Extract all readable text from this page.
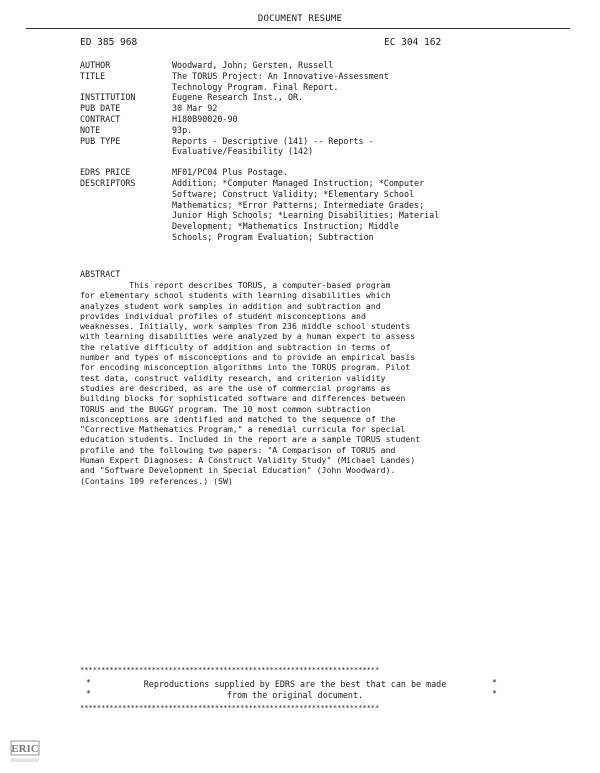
DOCUMENT RESUME
ED 385 968	EC 304 162
AUTHOR	Woodward, John; Gersten, Russell
TITLE	The TORUS Project: An Innovative-Assessment
Technology Program. Final Report.
INSTITUTION	Eugene Research Inst., OR.
PUB DATE	30 Mar 92
CONTRACT	H180B90020-90
NOTE	93p.
PUB TYPE	Reports - Descriptive (141) -- Reports -
Evaluative/Feasibility (142)
EDRS PRICE	MF01/PC04 Plus Postage.
DESCRIPTORS	Addition; *Computer Managed Instruction; *Computer
Software; Construct Validity; *Elementary School
Mathematics; *Error Patterns; Intermediate Grades;
Junior High Schools; *Learning Disabilities; Material
Development; *Mathematics Instruction; Middle
Schools; Program Evaluation; Subtraction
ABSTRACT
This report describes TORUS, a computer-based program
for elementary school students with learning disabilities which
analyzes student work samples in addition and subtraction and
provides individual profiles of student misconceptions and
weaknesses. Initially, work samples from 236 middle school students
with learning disabilities were analyzed by a human expert to assess
the relative difficulty of addition and subtraction in terms of
number and types of misconceptions and to provide an empirical basis
for encoding misconception algorithms into the TORUS program. Pilot
test data, construct validity research, and criterion validity
studies are described, as are the use of commercial programs as
building blocks for sophisticated software and differences between
TORUS and the BUGGY program. The 10 most common subtraction
misconceptions are identified and matched to the sequence of the
"Corrective Mathematics Program," a remedial curricula for special
education students. Included in the report are a sample TORUS student
profile and the following two papers: "A Comparison of TORUS and
Human Expert Diagnoses: A Construct Validity Study" (Michael Landes)
and "Software Development in Special Education" (John Woodward).
(Contains 109 references.) (SW)
***********************************************************************
*
*
*
*
Reproductions supplied by EDRS are the best that can be made
from the original document.
***********************************************************************
ERIC
